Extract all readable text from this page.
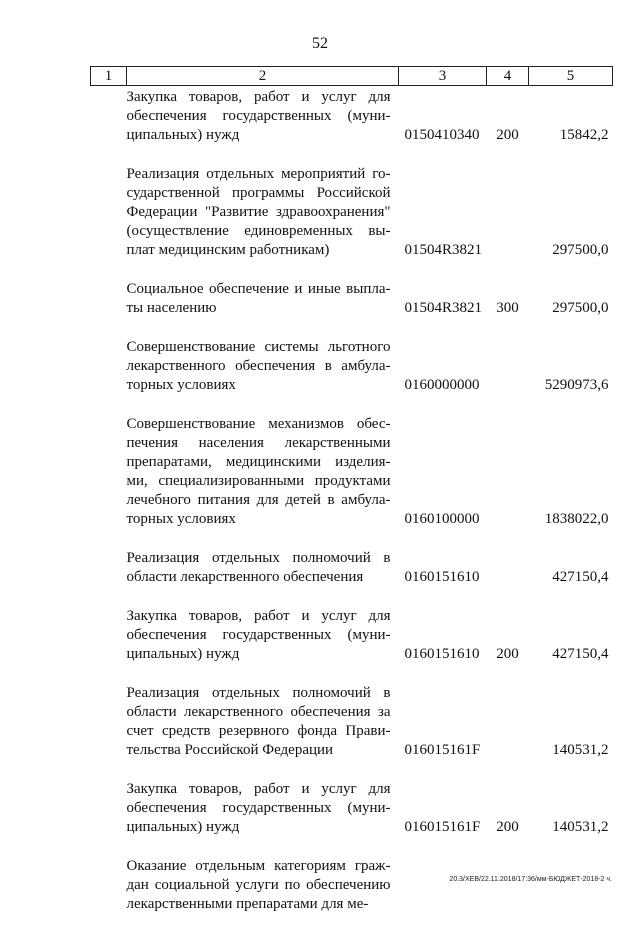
52
1	2	3	4	5
	Закупка товаров, работ и услуг для обеспечения государственных (муни-ципальных) нужд	0150410340	200	15842,2
	Реализация отдельных мероприятий го-сударственной программы Российской Федерации "Развитие здравоохранения" (осуществление единовременных вы-плат медицинским работникам)	01504R3821		297500,0
	Социальное обеспечение и иные выпла-ты населению	01504R3821	300	297500,0
	Совершенствование системы льготного лекарственного обеспечения в амбула-торных условиях	0160000000		5290973,6
	Совершенствование механизмов обес-печения населения лекарственными препаратами, медицинскими изделия-ми, специализированными продуктами лечебного питания для детей в амбула-торных условиях	0160100000		1838022,0
	Реализация отдельных полномочий в области лекарственного обеспечения	0160151610		427150,4
	Закупка товаров, работ и услуг для обеспечения государственных (муни-ципальных) нужд	0160151610	200	427150,4
	Реализация отдельных полномочий в области лекарственного обеспечения за счет средств резервного фонда Прави-тельства Российской Федерации	016015161F		140531,2
	Закупка товаров, работ и услуг для обеспечения государственных (муни-ципальных) нужд	016015161F	200	140531,2
	Оказание отдельным категориям граж-дан социальной услуги по обеспечению лекарственными препаратами для ме-			
20.3/ХЕВ/22.11.2018/17:36/мм-БЮДЖЕТ-2018-2 ч.
